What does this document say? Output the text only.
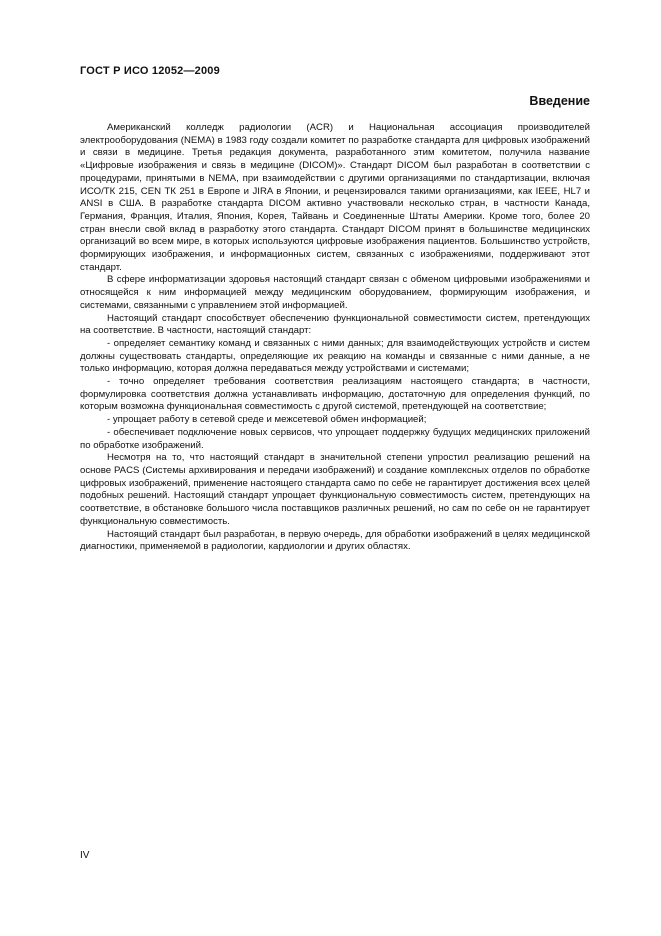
ГОСТ Р ИСО 12052—2009
Введение

Американский колледж радиологии (ACR) и Национальная ассоциация производителей электрооборудования (NEMA) в 1983 году создали комитет по разработке стандарта для цифровых изображений и связи в медицине. Третья редакция документа, разработанного этим комитетом, получила название «Цифровые изображения и связь в медицине (DICOM)». Стандарт DICOM был разработан в соответствии с процедурами, принятыми в NEMA, при взаимодействии с другими организациями по стандартизации, включая ИСО/ТК 215, CEN ТК 251 в Европе и JIRA в Японии, и рецензировался такими организациями, как IEEE, HL7 и ANSI в США. В разработке стандарта DICOM активно участвовали несколько стран, в частности Канада, Германия, Франция, Италия, Япония, Корея, Тайвань и Соединенные Штаты Америки. Кроме того, более 20 стран внесли свой вклад в разработку этого стандарта. Стандарт DICOM принят в большинстве медицинских организаций во всем мире, в которых используются цифровые изображения пациентов. Большинство устройств, формирующих изображения, и информационных систем, связанных с изображениями, поддерживают этот стандарт.

В сфере информатизации здоровья настоящий стандарт связан с обменом цифровыми изображениями и относящейся к ним информацией между медицинским оборудованием, формирующим изображения, и системами, связанными с управлением этой информацией.

Настоящий стандарт способствует обеспечению функциональной совместимости систем, претендующих на соответствие. В частности, настоящий стандарт:

- определяет семантику команд и связанных с ними данных; для взаимодействующих устройств и систем должны существовать стандарты, определяющие их реакцию на команды и связанные с ними данные, а не только информацию, которая должна передаваться между устройствами и системами;

- точно определяет требования соответствия реализациям настоящего стандарта; в частности, формулировка соответствия должна устанавливать информацию, достаточную для определения функций, по которым возможна функциональная совместимость с другой системой, претендующей на соответствие;

- упрощает работу в сетевой среде и межсетевой обмен информацией;

- обеспечивает подключение новых сервисов, что упрощает поддержку будущих медицинских приложений по обработке изображений.

Несмотря на то, что настоящий стандарт в значительной степени упростил реализацию решений на основе PACS (Системы архивирования и передачи изображений) и создание комплексных отделов по обработке цифровых изображений, применение настоящего стандарта само по себе не гарантирует достижения всех целей подобных решений. Настоящий стандарт упрощает функциональную совместимость систем, претендующих на соответствие, в обстановке большого числа поставщиков различных решений, но сам по себе он не гарантирует функциональную совместимость.

Настоящий стандарт был разработан, в первую очередь, для обработки изображений в целях медицинской диагностики, применяемой в радиологии, кардиологии и других областях.

IV
